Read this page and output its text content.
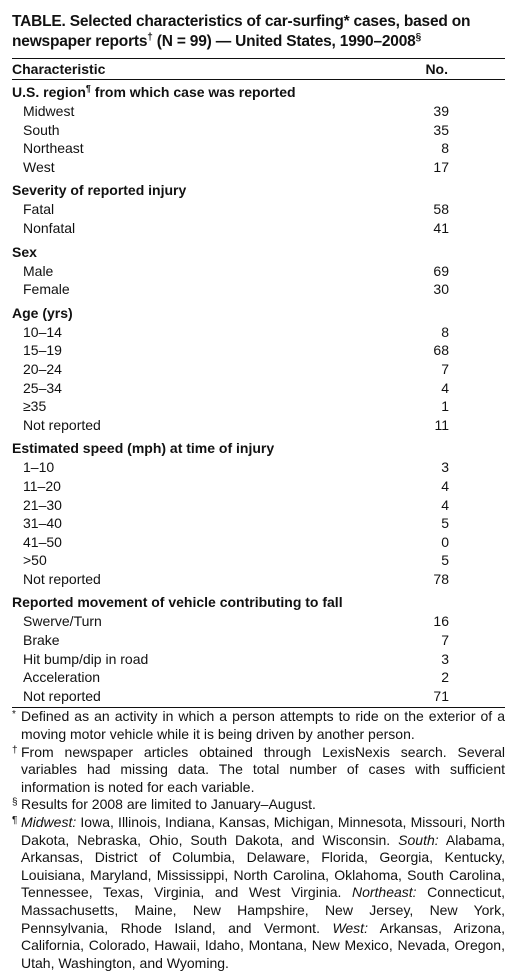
TABLE. Selected characteristics of car-surfing* cases, based on
newspaper reports† (N = 99) — United States, 1990–2008§
Characteristic	No.
U.S. region¶ from which case was reported	
Midwest	39
South	35
Northeast	8
West	17
Severity of reported injury	
Fatal	58
Nonfatal	41
Sex	
Male	69
Female	30
Age (yrs)	
10–14	8
15–19	68
20–24	7
25–34	4
≥35	1
Not reported	11
Estimated speed (mph) at time of injury	
1–10	3
11–20	4
21–30	4
31–40	5
41–50	0
>50	5
Not reported	78
Reported movement of vehicle contributing to fall	
Swerve/Turn	16
Brake	7
Hit bump/dip in road	3
Acceleration	2
Not reported	71
* Defined as an activity in which a person attempts to ride on the exterior of a moving motor vehicle while it is being driven by another person.
† From newspaper articles obtained through LexisNexis search. Several variables had missing data. The total number of cases with sufficient information is noted for each variable.
§ Results for 2008 are limited to January–August.
¶ Midwest: Iowa, Illinois, Indiana, Kansas, Michigan, Minnesota, Missouri, North Dakota, Nebraska, Ohio, South Dakota, and Wisconsin. South: Alabama, Arkansas, District of Columbia, Delaware, Florida, Georgia, Kentucky, Louisiana, Maryland, Mississippi, North Carolina, Oklahoma, South Carolina, Tennessee, Texas, Virginia, and West Virginia. Northeast: Connecticut, Massachusetts, Maine, New Hampshire, New Jersey, New York, Pennsylvania, Rhode Island, and Vermont. West: Arkansas, Arizona, California, Colorado, Hawaii, Idaho, Montana, New Mexico, Nevada, Oregon, Utah, Washington, and Wyoming.
